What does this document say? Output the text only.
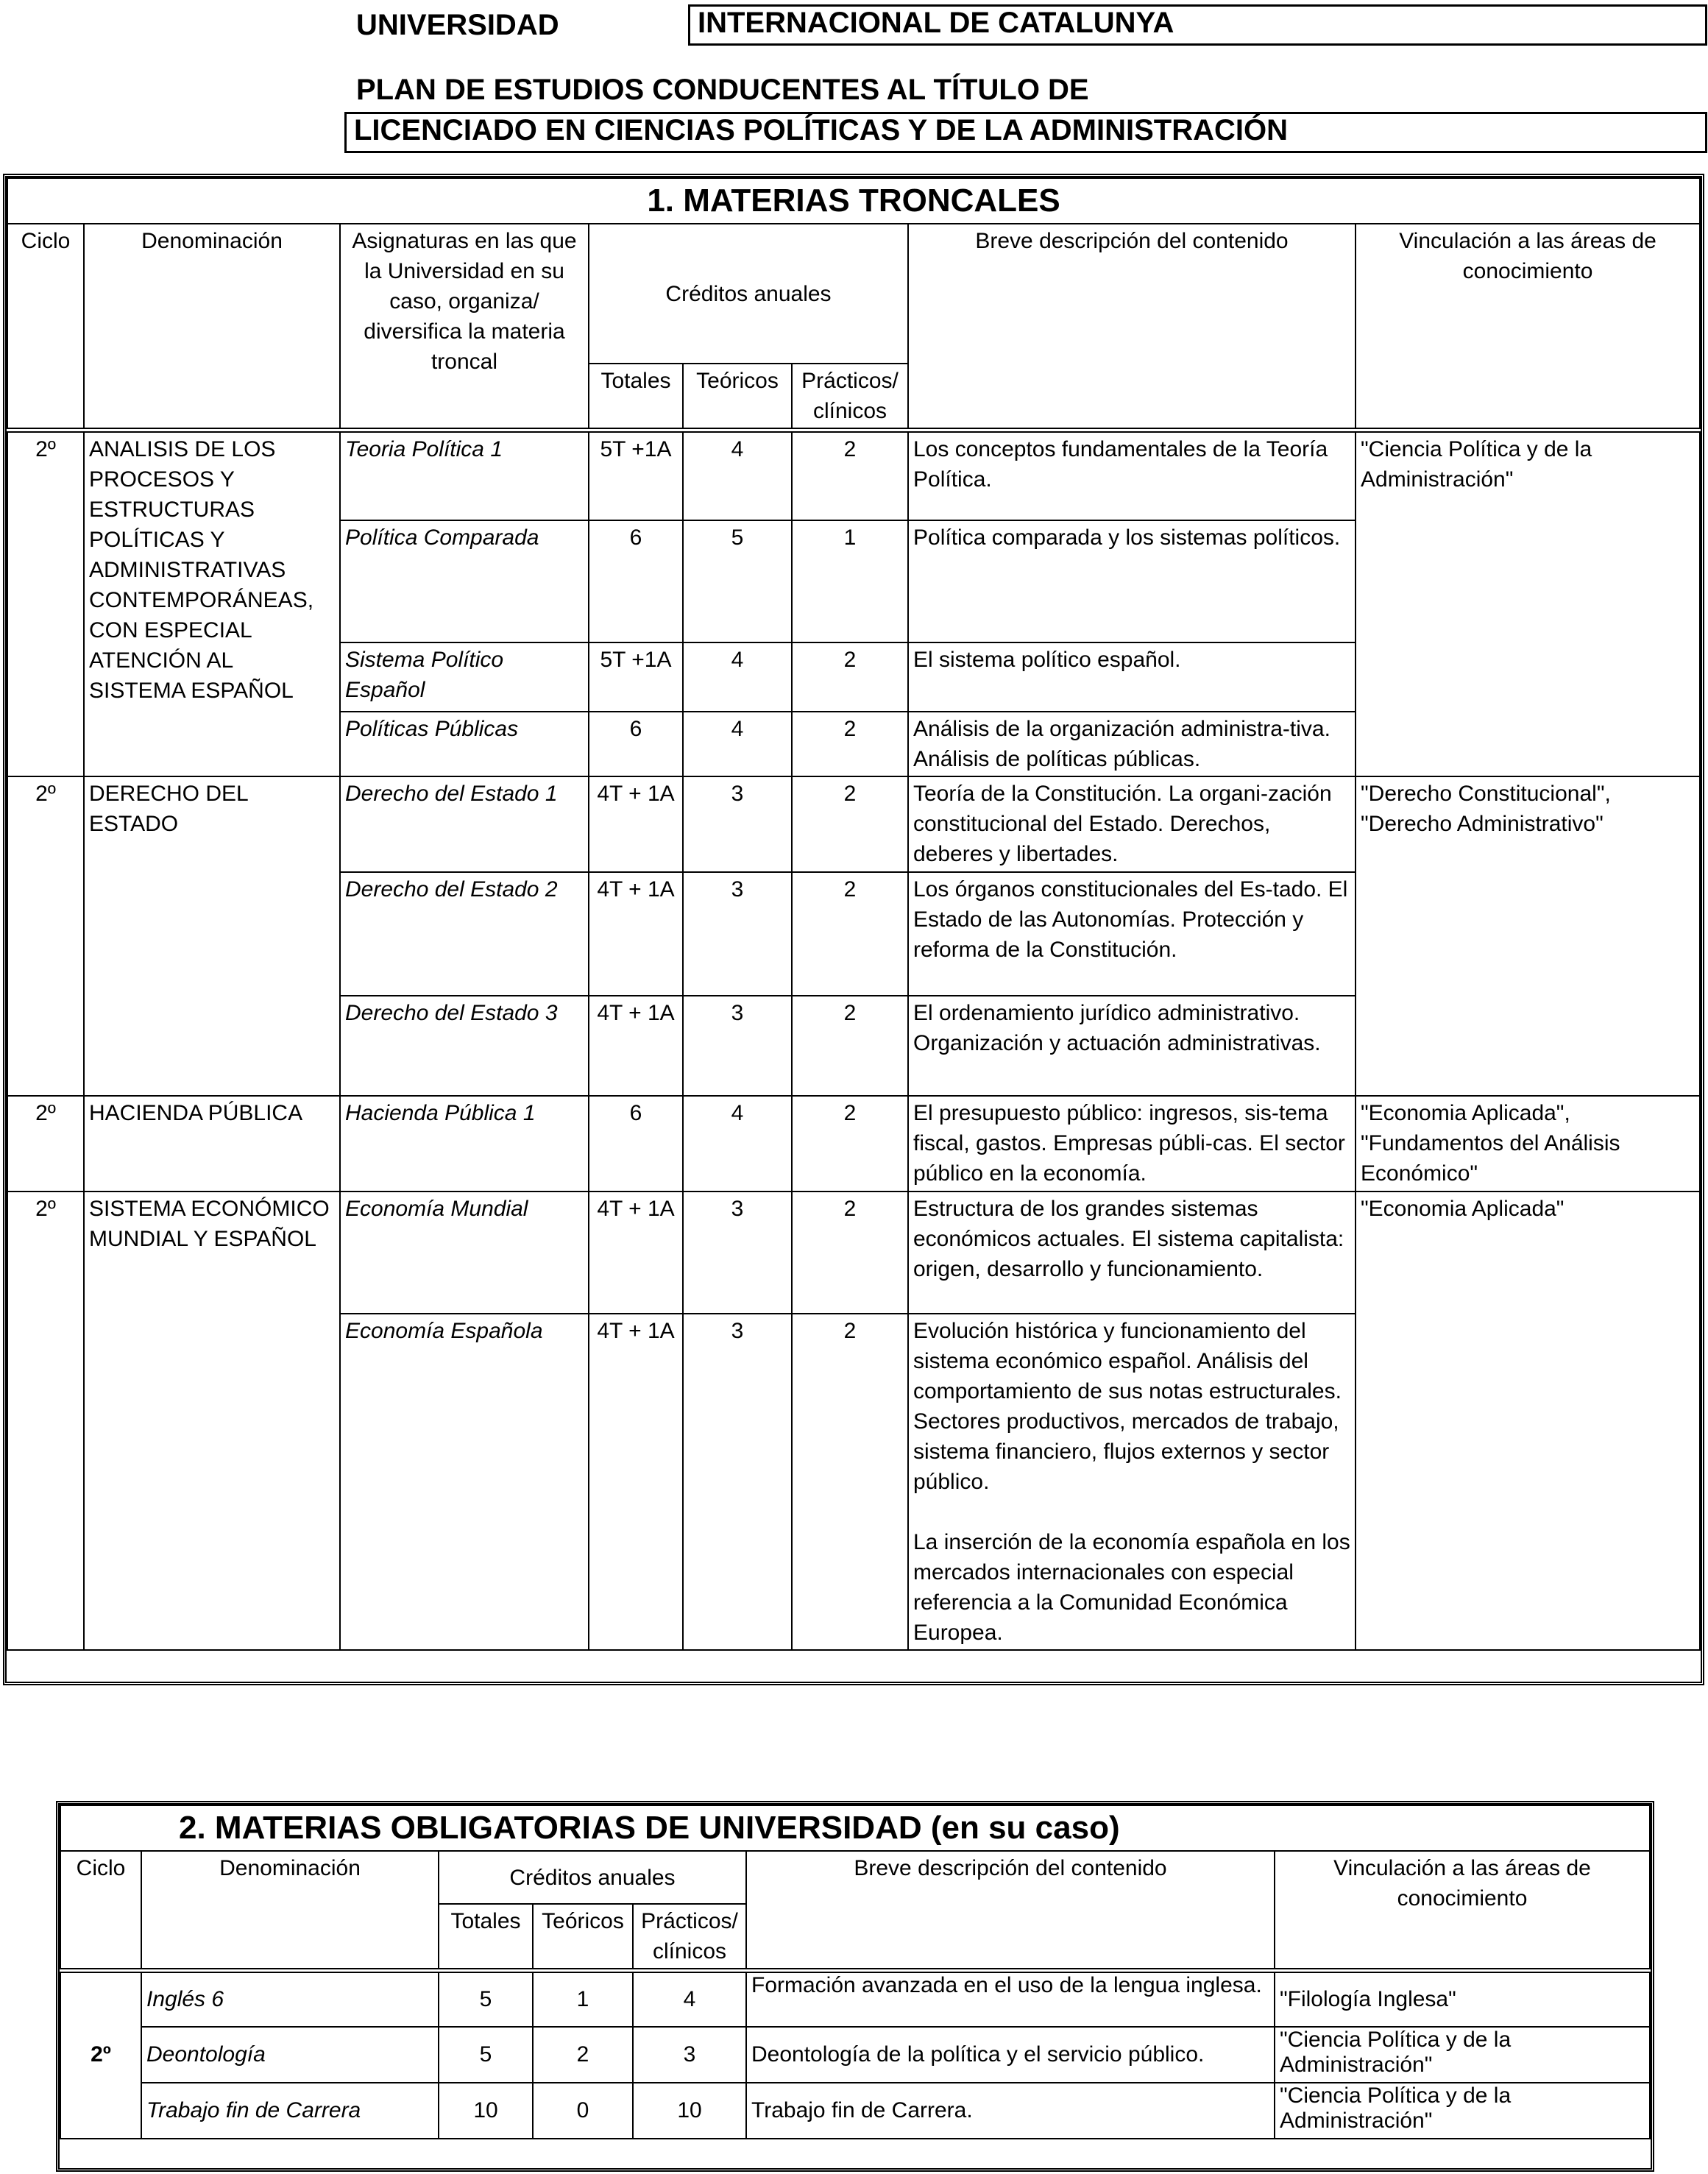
UNIVERSIDAD	INTERNACIONAL DE CATALUNYA
PLAN DE ESTUDIOS CONDUCENTES AL TÍTULO DE
LICENCIADO EN CIENCIAS POLÍTICAS Y DE LA ADMINISTRACIÓN
1. MATERIAS TRONCALES							
Ciclo	Denominación	Asignaturas en las que la Universidad en su caso, organiza/ diversifica la materia troncal	Créditos anuales			Breve descripción del contenido	Vinculación a las áreas de conocimiento
			Totales	Teóricos	Prácticos/ clínicos		
2º	ANALISIS DE LOS PROCESOS Y ESTRUCTURAS POLÍTICAS Y ADMINISTRATIVAS CONTEMPORÁNEAS, CON ESPECIAL ATENCIÓN AL SISTEMA ESPAÑOL	Teoria Política 1	5T +1A	4	2	Los conceptos fundamentales de la Teoría Política.	"Ciencia Política y de la Administración"
		Política Comparada	6	5	1	Política comparada y los sistemas políticos.	

		Sistema Político Español	5T +1A	4	2	El sistema político español.	

		Políticas Públicas	6	4	2	Análisis de la organización administra-tiva. Análisis de políticas públicas.	

2º	DERECHO DEL ESTADO	Derecho del Estado 1	4T + 1A	3	2	Teoría de la Constitución. La organi-zación constitucional del Estado. Derechos, deberes y libertades.	"Derecho Constitucional", "Derecho Administrativo"
		Derecho del Estado 2	4T + 1A	3	2	Los órganos constitucionales del Es-tado. El Estado de las Autonomías. Protección y reforma de la Constitución.	

		Derecho del Estado 3	4T + 1A	3	2	El ordenamiento jurídico administrativo. Organización y actuación administrativas.	

2º	HACIENDA PÚBLICA	Hacienda Pública 1	6	4	2	El presupuesto público: ingresos, sis-tema fiscal, gastos. Empresas públi-cas. El sector público en la economía.	"Economia Aplicada", "Fundamentos del Análisis Económico"
2º	SISTEMA ECONÓMICO MUNDIAL Y ESPAÑOL	Economía Mundial	4T + 1A	3	2	Estructura de los grandes sistemas económicos actuales. El sistema capitalista: origen, desarrollo y funcionamiento.	"Economia Aplicada"
		Economía Española	4T + 1A	3	2	Evolución histórica y funcionamiento del sistema económico español. Análisis del comportamiento de sus notas estructurales. Sectores productivos, mercados de trabajo, sistema financiero, flujos externos y sector público.

La inserción de la economía española en los mercados internacionales con especial referencia a la Comunidad Económica Europea.	

2. MATERIAS OBLIGATORIAS DE UNIVERSIDAD (en su caso)						
Ciclo	Denominación	Créditos anuales			Breve descripción del contenido	Vinculación a las áreas de conocimiento
		Totales	Teóricos	Prácticos/ clínicos		
2º	Inglés 6	5	1	4	Formación avanzada en el uso de la lengua inglesa.	"Filología Inglesa"
	Deontología	5	2	3	Deontología de la política y el servicio público.	"Ciencia Política y de la Administración"
	Trabajo fin de Carrera	10	0	10	Trabajo fin de Carrera.	"Ciencia Política y de la Administración"
